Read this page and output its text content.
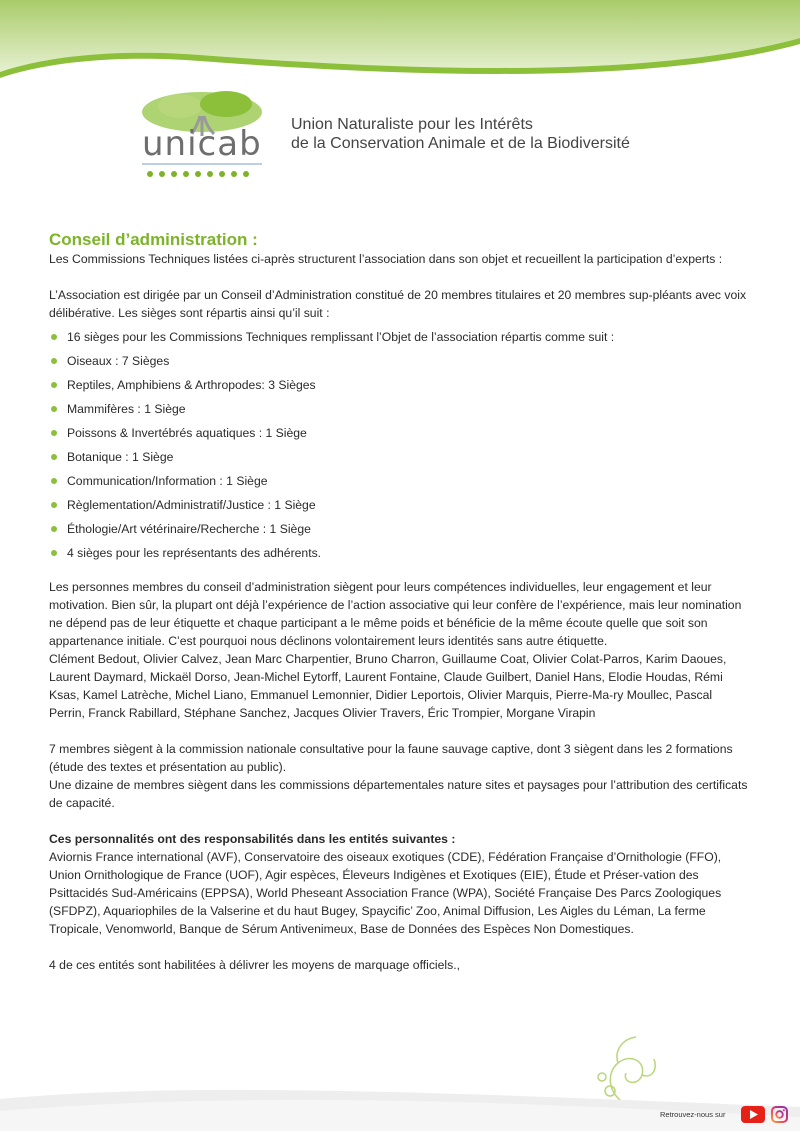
unicab Union Naturaliste pour les Intérêts
de la Conservation Animale et de la Biodiversité
Conseil d’administration :

Les Commissions Techniques listées ci-après structurent l’association dans son objet et recueillent la participation d’experts :

L’Association est dirigée par un Conseil d’Administration constitué de 20 membres titulaires et 20 membres sup-pléants avec voix délibérative. Les sièges sont répartis ainsi qu’il suit :

16 sièges pour les Commissions Techniques remplissant l’Objet de l’association répartis comme suit :
Oiseaux : 7 Sièges
Reptiles, Amphibiens & Arthropodes: 3 Sièges
Mammifères : 1 Siège
Poissons & Invertébrés aquatiques : 1 Siège
Botanique : 1 Siège
Communication/Information : 1 Siège
Règlementation/Administratif/Justice : 1 Siège
Éthologie/Art vétérinaire/Recherche : 1 Siège
4 sièges pour les représentants des adhérents.

Les personnes membres du conseil d’administration siègent pour leurs compétences individuelles, leur engagement et leur motivation. Bien sûr, la plupart ont déjà l’expérience de l’action associative qui leur confère de l’expérience, mais leur nomination ne dépend pas de leur étiquette et chaque participant a le même poids et bénéficie de la même écoute quelle que soit son appartenance initiale. C’est pourquoi nous déclinons volontairement leurs identités sans autre étiquette.

Clément Bedout, Olivier Calvez, Jean Marc Charpentier, Bruno Charron, Guillaume Coat, Olivier Colat-Parros, Karim Daoues, Laurent Daymard, Mickaël Dorso, Jean-Michel Eytorff, Laurent Fontaine, Claude Guilbert, Daniel Hans, Elodie Houdas, Rémi Ksas, Kamel Latrèche, Michel Liano, Emmanuel Lemonnier, Didier Leportois, Olivier Marquis, Pierre-Ma-ry Moullec, Pascal Perrin, Franck Rabillard, Stéphane Sanchez, Jacques Olivier Travers, Éric Trompier, Morgane Virapin

7 membres siègent à la commission nationale consultative pour la faune sauvage captive, dont 3 siègent dans les 2 formations (étude des textes et présentation au public).

Une dizaine de membres siègent dans les commissions départementales nature sites et paysages pour l’attribution des certificats de capacité.

Ces personnalités ont des responsabilités dans les entités suivantes :

Aviornis France international (AVF), Conservatoire des oiseaux exotiques (CDE), Fédération Française d’Ornithologie (FFO), Union Ornithologique de France (UOF), Agir espèces, Éleveurs Indigènes et Exotiques (EIE), Étude et Préser-vation des Psittacidés Sud-Américains (EPPSA), World Pheseant Association France (WPA), Société Française Des Parcs Zoologiques (SFDPZ), Aquariophiles de la Valserine et du haut Bugey, Spaycific’ Zoo, Animal Diffusion, Les Aigles du Léman, La ferme Tropicale, Venomworld, Banque de Sérum Antivenimeux, Base de Données des Espèces Non Domestiques.

4 de ces entités sont habilitées à délivrer les moyens de marquage officiels.,

Retrouvez-nous sur
